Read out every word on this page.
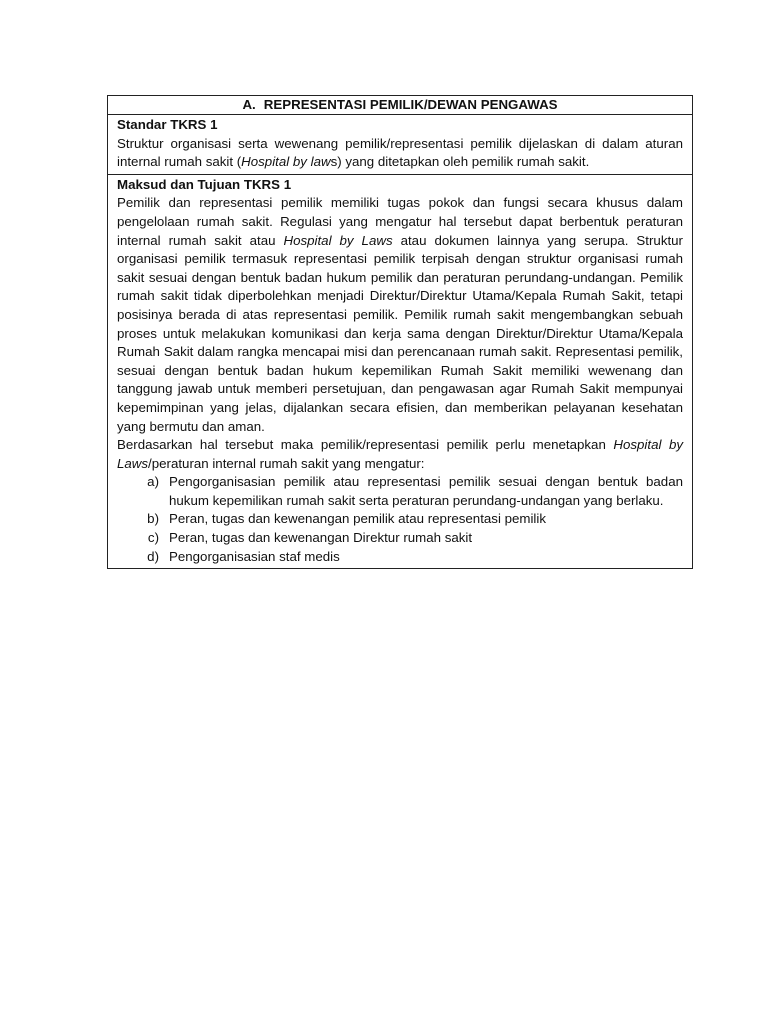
A. REPRESENTASI PEMILIK/DEWAN PENGAWAS
Standar TKRS 1

Struktur organisasi serta wewenang pemilik/representasi pemilik dijelaskan di dalam aturan internal rumah sakit (Hospital by laws) yang ditetapkan oleh pemilik rumah sakit.

Maksud dan Tujuan TKRS 1

Pemilik dan representasi pemilik memiliki tugas pokok dan fungsi secara khusus dalam pengelolaan rumah sakit. Regulasi yang mengatur hal tersebut dapat berbentuk peraturan internal rumah sakit atau Hospital by Laws atau dokumen lainnya yang serupa. Struktur organisasi pemilik termasuk representasi pemilik terpisah dengan struktur organisasi rumah sakit sesuai dengan bentuk badan hukum pemilik dan peraturan perundang-undangan. Pemilik rumah sakit tidak diperbolehkan menjadi Direktur/Direktur Utama/Kepala Rumah Sakit, tetapi posisinya berada di atas representasi pemilik. Pemilik rumah sakit mengembangkan sebuah proses untuk melakukan komunikasi dan kerja sama dengan Direktur/Direktur Utama/Kepala Rumah Sakit dalam rangka mencapai misi dan perencanaan rumah sakit. Representasi pemilik, sesuai dengan bentuk badan hukum kepemilikan Rumah Sakit memiliki wewenang dan tanggung jawab untuk memberi persetujuan, dan pengawasan agar Rumah Sakit mempunyai kepemimpinan yang jelas, dijalankan secara efisien, dan memberikan pelayanan kesehatan yang bermutu dan aman.

Berdasarkan hal tersebut maka pemilik/representasi pemilik perlu menetapkan Hospital by Laws/peraturan internal rumah sakit yang mengatur:

a) Pengorganisasian pemilik atau representasi pemilik sesuai dengan bentuk badan hukum kepemilikan rumah sakit serta peraturan perundang-undangan yang berlaku.
b) Peran, tugas dan kewenangan pemilik atau representasi pemilik
c) Peran, tugas dan kewenangan Direktur rumah sakit
d) Pengorganisasian staf medis
